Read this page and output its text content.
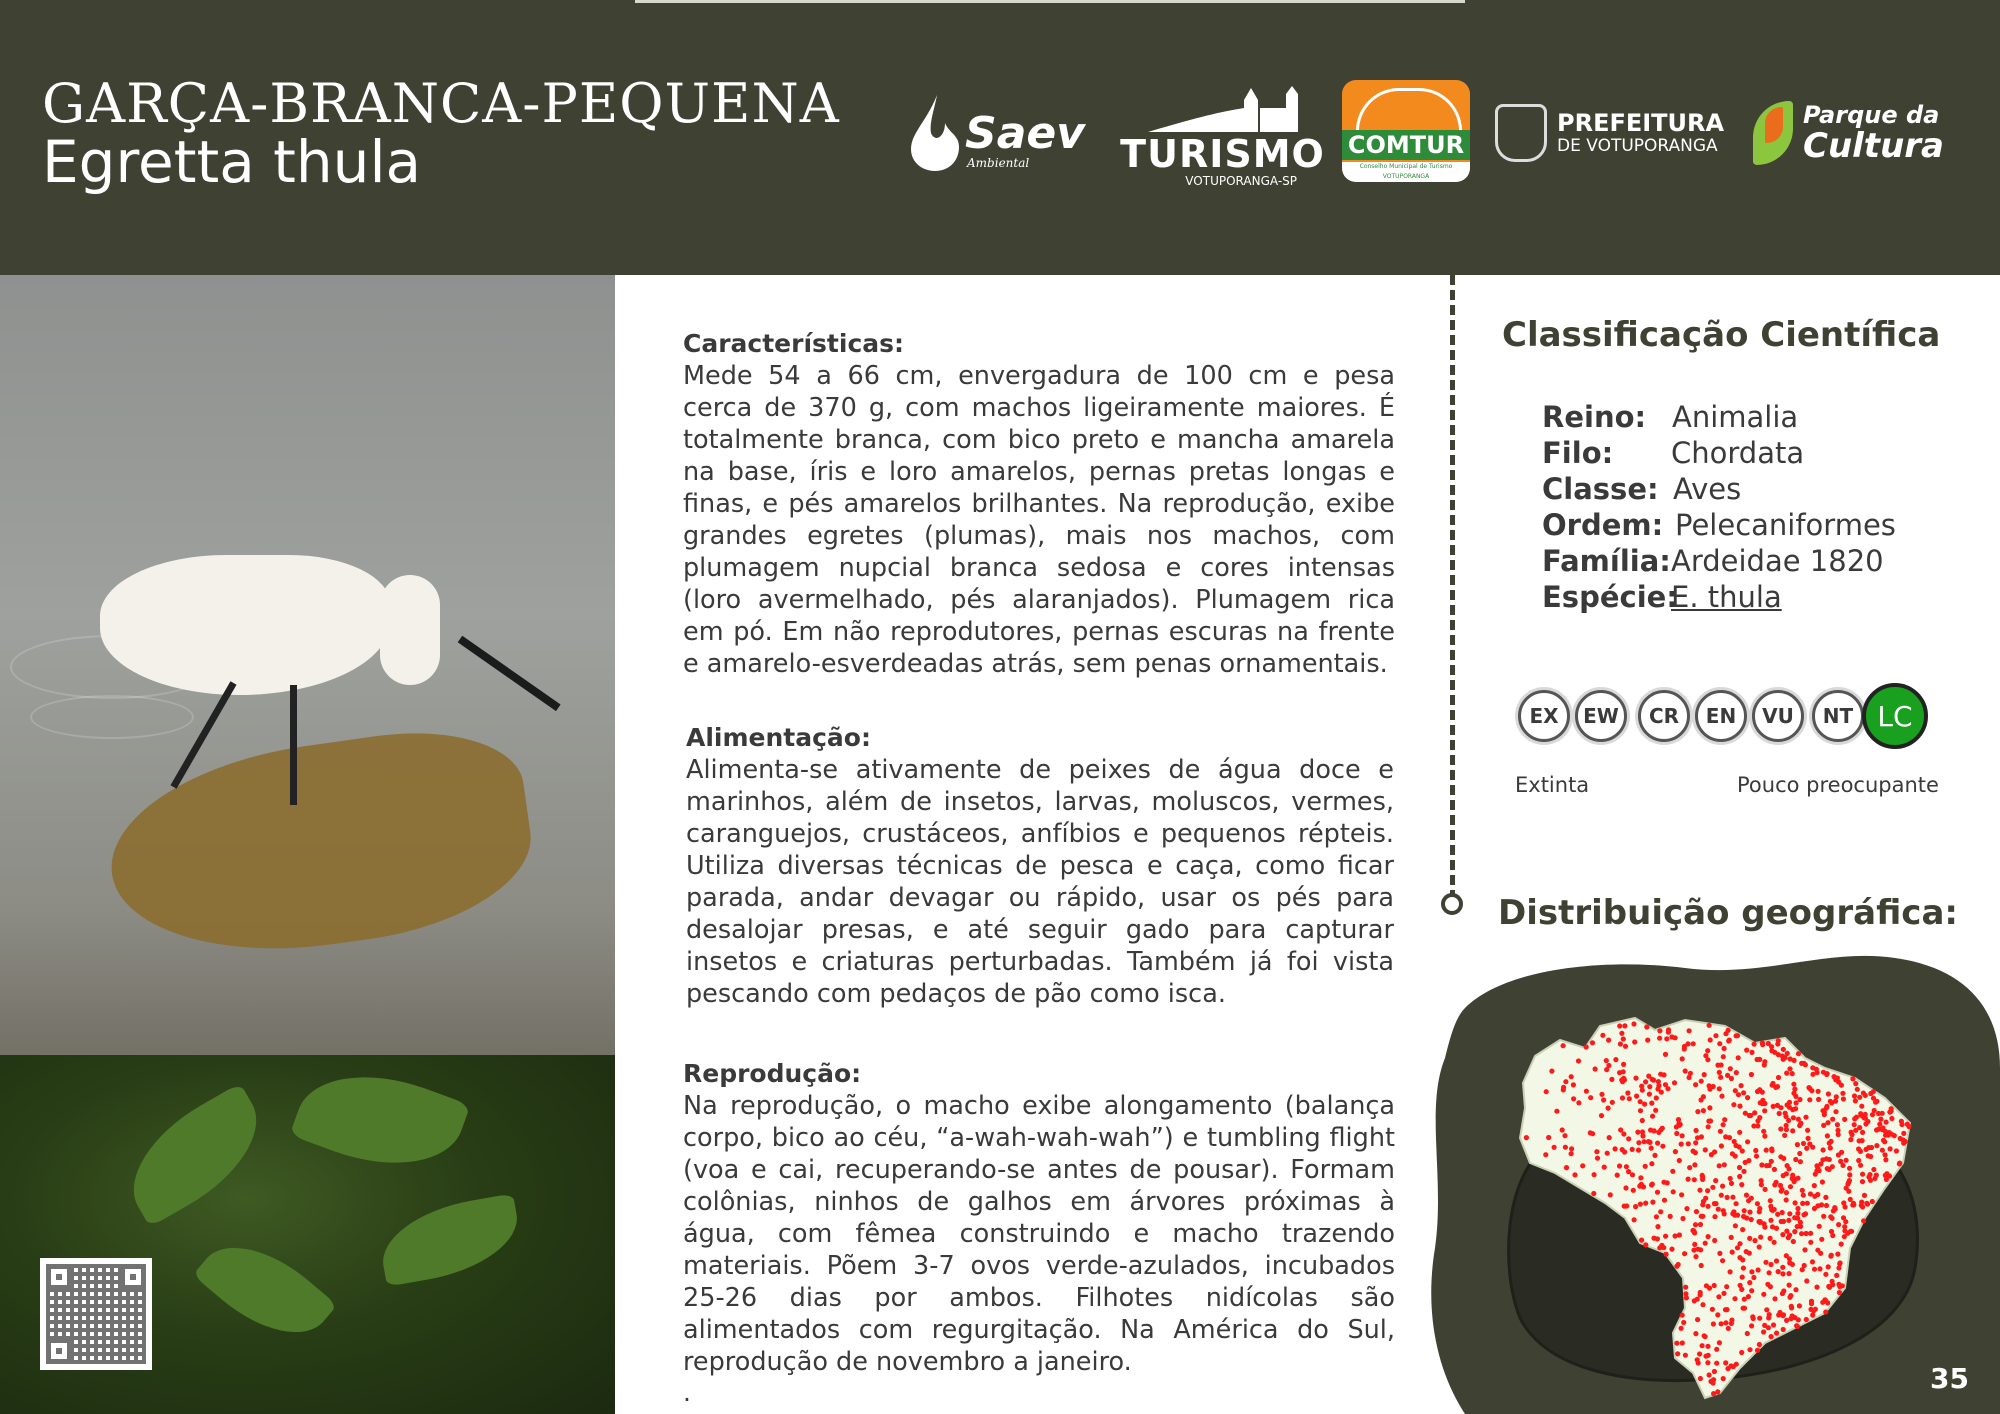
GARÇA-BRANCA-PEQUENA
Egretta thula	Saev
Ambiental TURISMO
VOTUPORANGA-SP
COMTUR
Conselho Municipal de Turismo VOTUPORANGA
PREFEITURA
DE VOTUPORANGA
Parque da
Cultura
Características:
Mede 54 a 66 cm, envergadura de 100 cm e pesa cerca de 370 g, com machos ligeiramente maiores. É totalmente branca, com bico preto e mancha amarela na base, íris e loro amarelos, pernas pretas longas e finas, e pés amarelos brilhantes. Na reprodução, exibe grandes egretes (plumas), mais nos machos, com plumagem nupcial branca sedosa e cores intensas (loro avermelhado, pés alaranjados). Plumagem rica em pó. Em não reprodutores, pernas escuras na frente e amarelo-esverdeadas atrás, sem penas ornamentais.
Alimentação:
Alimenta-se ativamente de peixes de água doce e marinhos, além de insetos, larvas, moluscos, vermes, caranguejos, crustáceos, anfíbios e pequenos répteis. Utiliza diversas técnicas de pesca e caça, como ficar parada, andar devagar ou rápido, usar os pés para desalojar presas, e até seguir gado para capturar insetos e criaturas perturbadas. Também já foi vista pescando com pedaços de pão como isca.
Reprodução:
Na reprodução, o macho exibe alongamento (balança corpo, bico ao céu, “a-wah-wah-wah”) e tumbling flight (voa e cai, recuperando-se antes de pousar). Formam colônias, ninhos de galhos em árvores próximas à água, com fêmea construindo e macho trazendo materiais. Põem 3-7 ovos verde-azulados, incubados 25-26 dias por ambos. Filhotes nidícolas são alimentados com regurgitação. Na América do Sul, reprodução de novembro a janeiro.
.
Classificação Científica
Reino: Animalia
Filo: Chordata
Classe: Aves
Ordem: Pelecaniformes
Família: Ardeidae 1820
Espécie:
E. thula
EX	EW	CR	EN	VU	NT LC
Extinta	Pouco preocupante
Distribuição geográfica:
35
